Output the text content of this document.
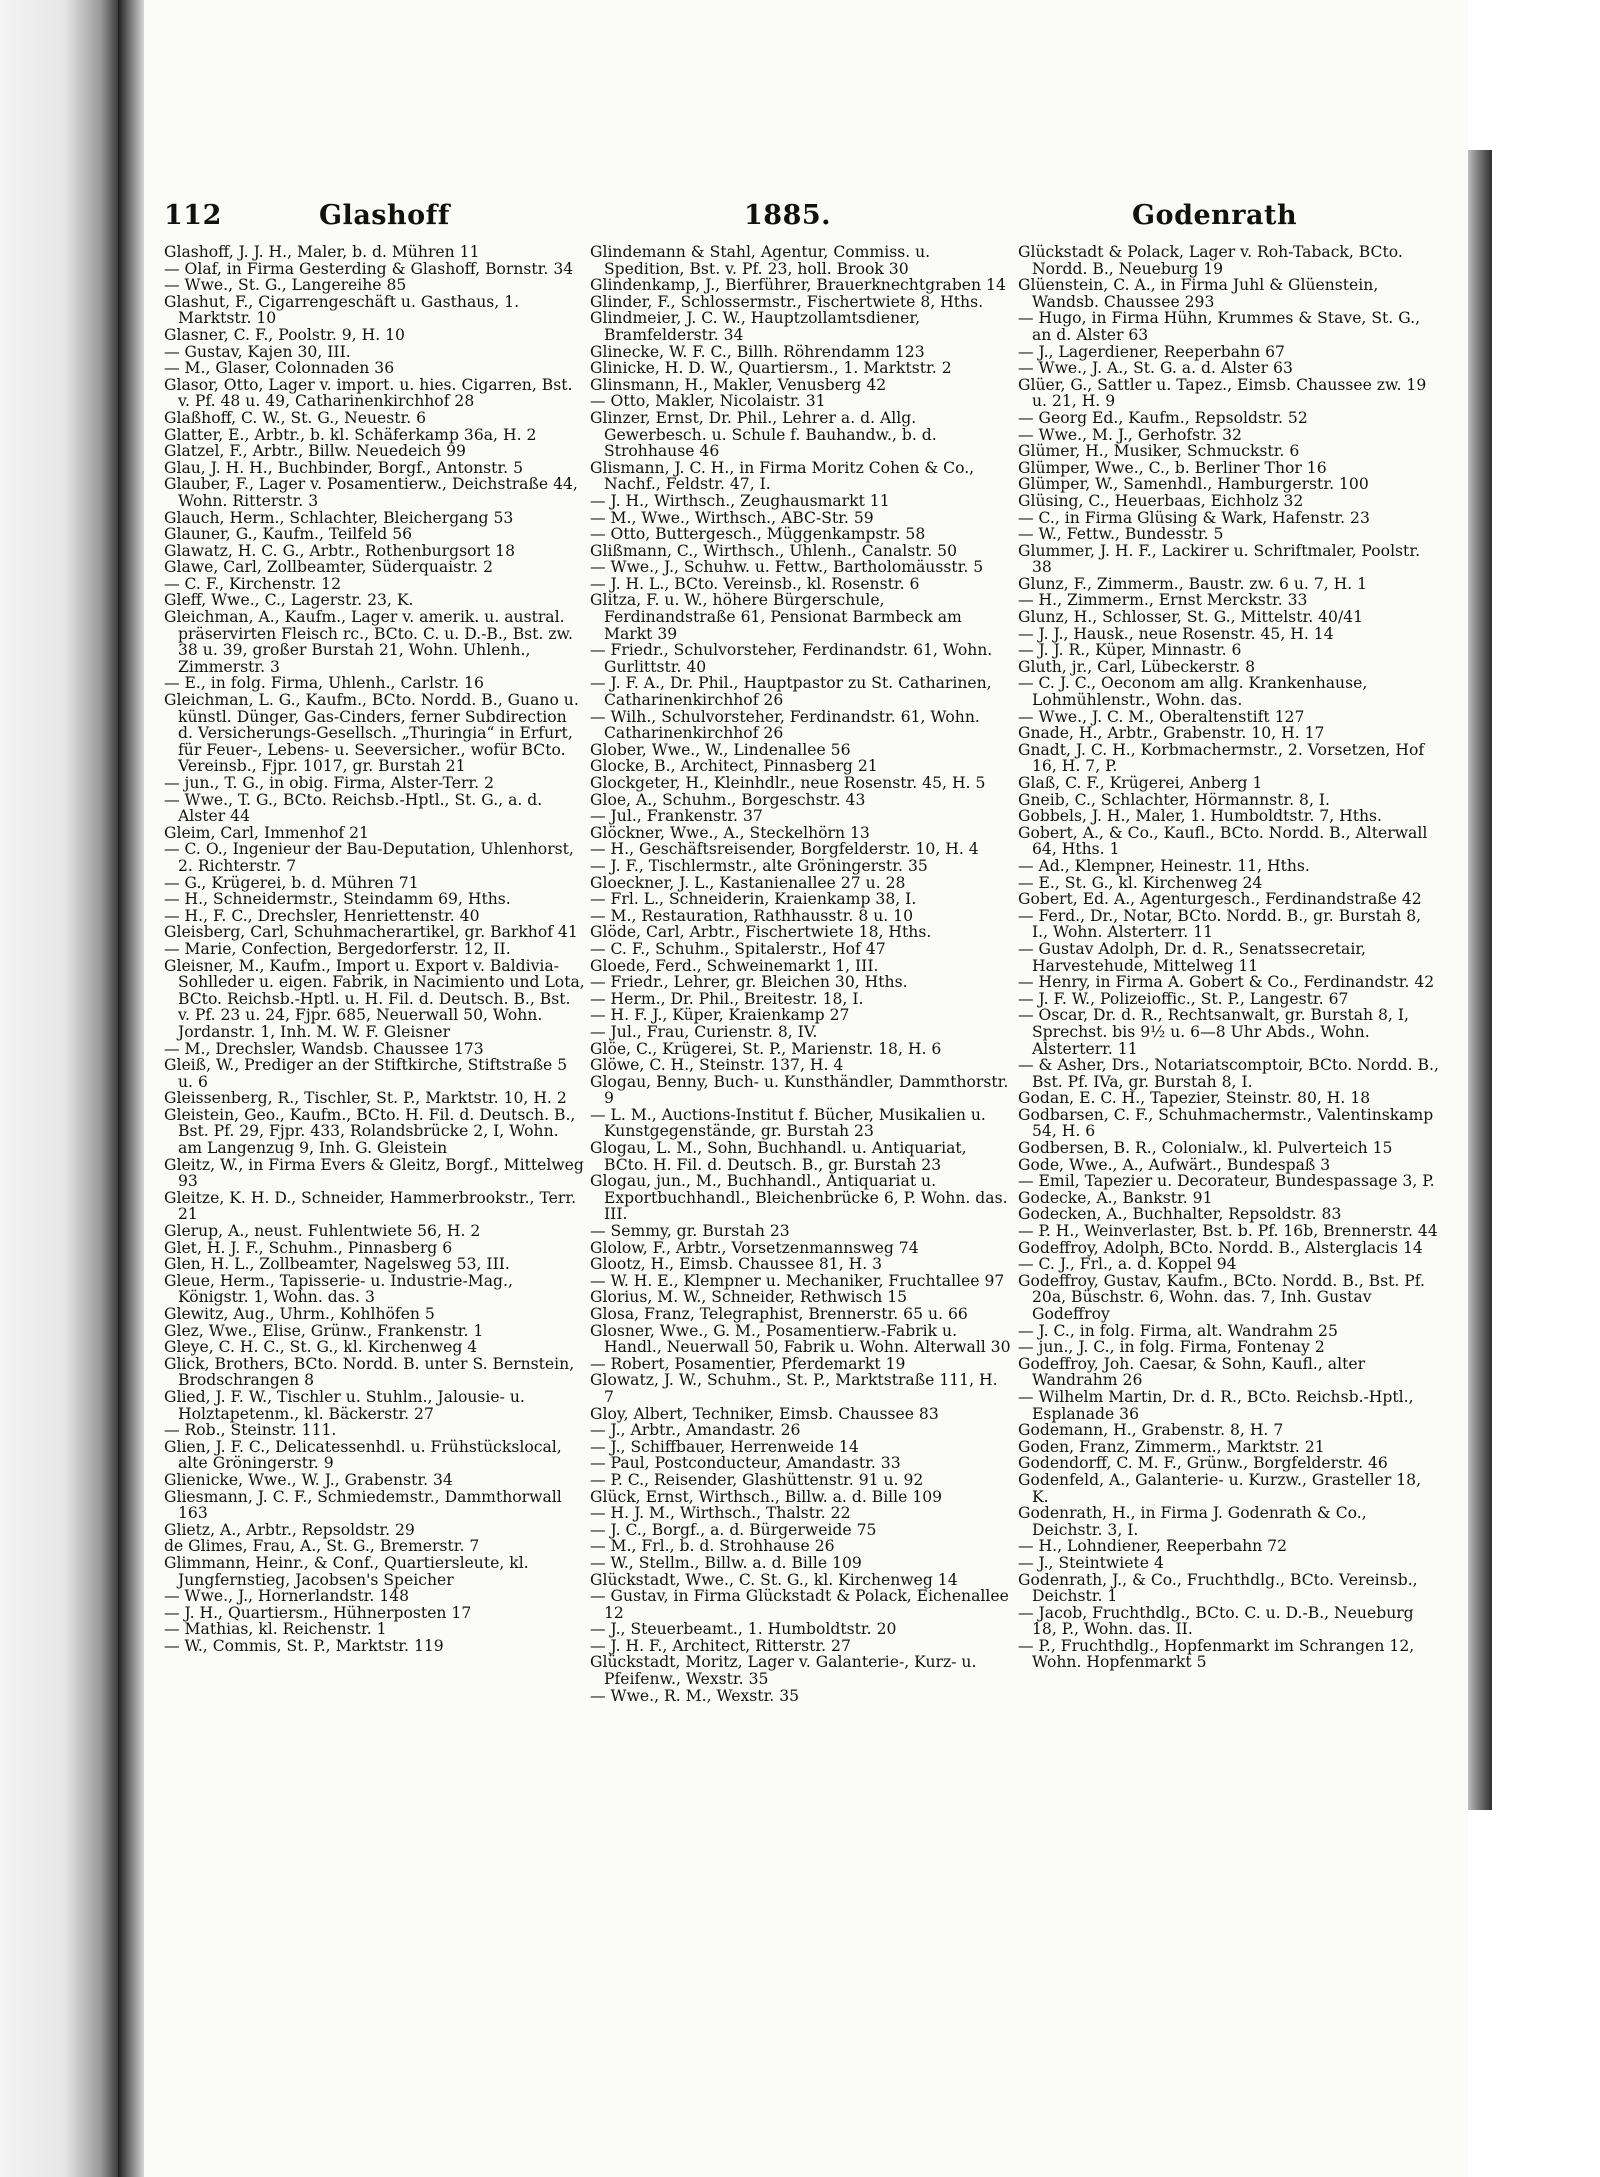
112	Glashoff	1885.	Godenrath

Glashoff, J. J. H., Maler, b. d. Mühren 11

— Olaf, in Firma Gesterding & Glashoff, Bornstr. 34

— Wwe., St. G., Langereihe 85

Glashut, F., Cigarrengeschäft u. Gasthaus, 1. Marktstr. 10

Glasner, C. F., Poolstr. 9, H. 10

— Gustav, Kajen 30, III.

— M., Glaser, Colonnaden 36

Glasor, Otto, Lager v. import. u. hies. Cigarren, Bst. v. Pf. 48 u. 49, Catharinenkirchhof 28

Glaßhoff, C. W., St. G., Neuestr. 6

Glatter, E., Arbtr., b. kl. Schäferkamp 36a, H. 2

Glatzel, F., Arbtr., Billw. Neuedeich 99

Glau, J. H. H., Buchbinder, Borgf., Antonstr. 5

Glauber, F., Lager v. Posamentierw., Deichstraße 44, Wohn. Ritterstr. 3

Glauch, Herm., Schlachter, Bleichergang 53

Glauner, G., Kaufm., Teilfeld 56

Glawatz, H. C. G., Arbtr., Rothenburgsort 18

Glawe, Carl, Zollbeamter, Süderquaistr. 2

— C. F., Kirchenstr. 12

Gleff, Wwe., C., Lagerstr. 23, K.

Gleichman, A., Kaufm., Lager v. amerik. u. austral. präservirten Fleisch rc., BCto. C. u. D.-B., Bst. zw. 38 u. 39, großer Burstah 21, Wohn. Uhlenh., Zimmerstr. 3

— E., in folg. Firma, Uhlenh., Carlstr. 16

Gleichman, L. G., Kaufm., BCto. Nordd. B., Guano u. künstl. Dünger, Gas-Cinders, ferner Subdirection d. Versicherungs-Gesellsch. „Thuringia“ in Erfurt, für Feuer-, Lebens- u. Seeversicher., wofür BCto. Vereinsb., Fjpr. 1017, gr. Burstah 21

— jun., T. G., in obig. Firma, Alster-Terr. 2

— Wwe., T. G., BCto. Reichsb.-Hptl., St. G., a. d. Alster 44

Gleim, Carl, Immenhof 21

— C. O., Ingenieur der Bau-Deputation, Uhlenhorst, 2. Richterstr. 7

— G., Krügerei, b. d. Mühren 71

— H., Schneidermstr., Steindamm 69, Hths.

— H., F. C., Drechsler, Henriettenstr. 40

Gleisberg, Carl, Schuhmacherartikel, gr. Barkhof 41

— Marie, Confection, Bergedorferstr. 12, II.

Gleisner, M., Kaufm., Import u. Export v. Baldivia-Sohlleder u. eigen. Fabrik, in Nacimiento und Lota, BCto. Reichsb.-Hptl. u. H. Fil. d. Deutsch. B., Bst. v. Pf. 23 u. 24, Fjpr. 685, Neuerwall 50, Wohn. Jordanstr. 1, Inh. M. W. F. Gleisner

— M., Drechsler, Wandsb. Chaussee 173

Gleiß, W., Prediger an der Stiftkirche, Stiftstraße 5 u. 6

Gleissenberg, R., Tischler, St. P., Marktstr. 10, H. 2

Gleistein, Geo., Kaufm., BCto. H. Fil. d. Deutsch. B., Bst. Pf. 29, Fjpr. 433, Rolandsbrücke 2, I, Wohn. am Langenzug 9, Inh. G. Gleistein

Gleitz, W., in Firma Evers & Gleitz, Borgf., Mittelweg 93

Gleitze, K. H. D., Schneider, Hammerbrookstr., Terr. 21

Glerup, A., neust. Fuhlentwiete 56, H. 2

Glet, H. J. F., Schuhm., Pinnasberg 6

Glen, H. L., Zollbeamter, Nagelsweg 53, III.

Gleue, Herm., Tapisserie- u. Industrie-Mag., Königstr. 1, Wohn. das. 3

Glewitz, Aug., Uhrm., Kohlhöfen 5

Glez, Wwe., Elise, Grünw., Frankenstr. 1

Gleye, C. H. C., St. G., kl. Kirchenweg 4

Glick, Brothers, BCto. Nordd. B. unter S. Bernstein, Brodschrangen 8

Glied, J. F. W., Tischler u. Stuhlm., Jalousie- u. Holztapetenm., kl. Bäckerstr. 27

— Rob., Steinstr. 111.

Glien, J. F. C., Delicatessenhdl. u. Frühstückslocal, alte Gröningerstr. 9

Glienicke, Wwe., W. J., Grabenstr. 34

Gliesmann, J. C. F., Schmiedemstr., Dammthorwall 163

Glietz, A., Arbtr., Repsoldstr. 29

de Glimes, Frau, A., St. G., Bremerstr. 7

Glimmann, Heinr., & Conf., Quartiersleute, kl. Jungfernstieg, Jacobsen's Speicher

— Wwe., J., Hornerlandstr. 148

— J. H., Quartiersm., Hühnerposten 17

— Mathias, kl. Reichenstr. 1

— W., Commis, St. P., Marktstr. 119

Glindemann & Stahl, Agentur, Commiss. u. Spedition, Bst. v. Pf. 23, holl. Brook 30

Glindenkamp, J., Bierführer, Brauerknechtgraben 14

Glinder, F., Schlossermstr., Fischertwiete 8, Hths.

Glindmeier, J. C. W., Hauptzollamtsdiener, Bramfelderstr. 34

Glinecke, W. F. C., Billh. Röhrendamm 123

Glinicke, H. D. W., Quartiersm., 1. Marktstr. 2

Glinsmann, H., Makler, Venusberg 42

— Otto, Makler, Nicolaistr. 31

Glinzer, Ernst, Dr. Phil., Lehrer a. d. Allg. Gewerbesch. u. Schule f. Bauhandw., b. d. Strohhause 46

Glismann, J. C. H., in Firma Moritz Cohen & Co., Nachf., Feldstr. 47, I.

— J. H., Wirthsch., Zeughausmarkt 11

— M., Wwe., Wirthsch., ABC-Str. 59

— Otto, Buttergesch., Müggenkampstr. 58

Glißmann, C., Wirthsch., Uhlenh., Canalstr. 50

— Wwe., J., Schuhw. u. Fettw., Bartholomäusstr. 5

— J. H. L., BCto. Vereinsb., kl. Rosenstr. 6

Glitza, F. u. W., höhere Bürgerschule, Ferdinandstraße 61, Pensionat Barmbeck am Markt 39

— Friedr., Schulvorsteher, Ferdinandstr. 61, Wohn. Gurlittstr. 40

— J. F. A., Dr. Phil., Hauptpastor zu St. Catharinen, Catharinenkirchhof 26

— Wilh., Schulvorsteher, Ferdinandstr. 61, Wohn. Catharinenkirchhof 26

Glober, Wwe., W., Lindenallee 56

Glocke, B., Architect, Pinnasberg 21

Glockgeter, H., Kleinhdlr., neue Rosenstr. 45, H. 5

Gloe, A., Schuhm., Borgeschstr. 43

— Jul., Frankenstr. 37

Glöckner, Wwe., A., Steckelhörn 13

— H., Geschäftsreisender, Borgfelderstr. 10, H. 4

— J. F., Tischlermstr., alte Gröningerstr. 35

Gloeckner, J. L., Kastanienallee 27 u. 28

— Frl. L., Schneiderin, Kraienkamp 38, I.

— M., Restauration, Rathhausstr. 8 u. 10

Glöde, Carl, Arbtr., Fischertwiete 18, Hths.

— C. F., Schuhm., Spitalerstr., Hof 47

Gloede, Ferd., Schweinemarkt 1, III.

— Friedr., Lehrer, gr. Bleichen 30, Hths.

— Herm., Dr. Phil., Breitestr. 18, I.

— H. F. J., Küper, Kraienkamp 27

— Jul., Frau, Curienstr. 8, IV.

Glöe, C., Krügerei, St. P., Marienstr. 18, H. 6

Glöwe, C. H., Steinstr. 137, H. 4

Glogau, Benny, Buch- u. Kunsthändler, Dammthorstr. 9

— L. M., Auctions-Institut f. Bücher, Musikalien u. Kunstgegenstände, gr. Burstah 23

Glogau, L. M., Sohn, Buchhandl. u. Antiquariat, BCto. H. Fil. d. Deutsch. B., gr. Burstah 23

Glogau, jun., M., Buchhandl., Antiquariat u. Exportbuchhandl., Bleichenbrücke 6, P. Wohn. das. III.

— Semmy, gr. Burstah 23

Glolow, F., Arbtr., Vorsetzenmannsweg 74

Glootz, H., Eimsb. Chaussee 81, H. 3

— W. H. E., Klempner u. Mechaniker, Fruchtallee 97

Glorius, M. W., Schneider, Rethwisch 15

Glosa, Franz, Telegraphist, Brennerstr. 65 u. 66

Glosner, Wwe., G. M., Posamentierw.-Fabrik u. Handl., Neuerwall 50, Fabrik u. Wohn. Alterwall 30

— Robert, Posamentier, Pferdemarkt 19

Glowatz, J. W., Schuhm., St. P., Marktstraße 111, H. 7

Gloy, Albert, Techniker, Eimsb. Chaussee 83

— J., Arbtr., Amandastr. 26

— J., Schiffbauer, Herrenweide 14

— Paul, Postconducteur, Amandastr. 33

— P. C., Reisender, Glashüttenstr. 91 u. 92

Glück, Ernst, Wirthsch., Billw. a. d. Bille 109

— H. J. M., Wirthsch., Thalstr. 22

— J. C., Borgf., a. d. Bürgerweide 75

— M., Frl., b. d. Strohhause 26

— W., Stellm., Billw. a. d. Bille 109

Glückstadt, Wwe., C. St. G., kl. Kirchenweg 14

— Gustav, in Firma Glückstadt & Polack, Eichenallee 12

— J., Steuerbeamt., 1. Humboldtstr. 20

— J. H. F., Architect, Ritterstr. 27

Glückstadt, Moritz, Lager v. Galanterie-, Kurz- u. Pfeifenw., Wexstr. 35

— Wwe., R. M., Wexstr. 35

Glückstadt & Polack, Lager v. Roh-Taback, BCto. Nordd. B., Neueburg 19

Glüenstein, C. A., in Firma Juhl & Glüenstein, Wandsb. Chaussee 293

— Hugo, in Firma Hühn, Krummes & Stave, St. G., an d. Alster 63

— J., Lagerdiener, Reeperbahn 67

— Wwe., J. A., St. G. a. d. Alster 63

Glüer, G., Sattler u. Tapez., Eimsb. Chaussee zw. 19 u. 21, H. 9

— Georg Ed., Kaufm., Repsoldstr. 52

— Wwe., M. J., Gerhofstr. 32

Glümer, H., Musiker, Schmuckstr. 6

Glümper, Wwe., C., b. Berliner Thor 16

Glümper, W., Samenhdl., Hamburgerstr. 100

Glüsing, C., Heuerbaas, Eichholz 32

— C., in Firma Glüsing & Wark, Hafenstr. 23

— W., Fettw., Bundesstr. 5

Glummer, J. H. F., Lackirer u. Schriftmaler, Poolstr. 38

Glunz, F., Zimmerm., Baustr. zw. 6 u. 7, H. 1

— H., Zimmerm., Ernst Merckstr. 33

Glunz, H., Schlosser, St. G., Mittelstr. 40/41

— J. J., Hausk., neue Rosenstr. 45, H. 14

— J. J. R., Küper, Minnastr. 6

Gluth, jr., Carl, Lübeckerstr. 8

— C. J. C., Oeconom am allg. Krankenhause, Lohmühlenstr., Wohn. das.

— Wwe., J. C. M., Oberaltenstift 127

Gnade, H., Arbtr., Grabenstr. 10, H. 17

Gnadt, J. C. H., Korbmachermstr., 2. Vorsetzen, Hof 16, H. 7, P.

Glaß, C. F., Krügerei, Anberg 1

Gneib, C., Schlachter, Hörmannstr. 8, I.

Gobbels, J. H., Maler, 1. Humboldtstr. 7, Hths.

Gobert, A., & Co., Kaufl., BCto. Nordd. B., Alterwall 64, Hths. 1

— Ad., Klempner, Heinestr. 11, Hths.

— E., St. G., kl. Kirchenweg 24

Gobert, Ed. A., Agenturgesch., Ferdinandstraße 42

— Ferd., Dr., Notar, BCto. Nordd. B., gr. Burstah 8, I., Wohn. Alsterterr. 11

— Gustav Adolph, Dr. d. R., Senatssecretair, Harvestehude, Mittelweg 11

— Henry, in Firma A. Gobert & Co., Ferdinandstr. 42

— J. F. W., Polizeioffic., St. P., Langestr. 67

— Oscar, Dr. d. R., Rechtsanwalt, gr. Burstah 8, I, Sprechst. bis 9½ u. 6—8 Uhr Abds., Wohn. Alsterterr. 11

— & Asher, Drs., Notariatscomptoir, BCto. Nordd. B., Bst. Pf. IVa, gr. Burstah 8, I.

Godan, E. C. H., Tapezier, Steinstr. 80, H. 18

Godbarsen, C. F., Schuhmachermstr., Valentinskamp 54, H. 6

Godbersen, B. R., Colonialw., kl. Pulverteich 15

Gode, Wwe., A., Aufwärt., Bundespaß 3

— Emil, Tapezier u. Decorateur, Bundespassage 3, P.

Godecke, A., Bankstr. 91

Godecken, A., Buchhalter, Repsoldstr. 83

— P. H., Weinverlaster, Bst. b. Pf. 16b, Brennerstr. 44

Godeffroy, Adolph, BCto. Nordd. B., Alsterglacis 14

— C. J., Frl., a. d. Koppel 94

Godeffroy, Gustav, Kaufm., BCto. Nordd. B., Bst. Pf. 20a, Büschstr. 6, Wohn. das. 7, Inh. Gustav Godeffroy

— J. C., in folg. Firma, alt. Wandrahm 25

— jun., J. C., in folg. Firma, Fontenay 2

Godeffroy, Joh. Caesar, & Sohn, Kaufl., alter Wandrahm 26

— Wilhelm Martin, Dr. d. R., BCto. Reichsb.-Hptl., Esplanade 36

Godemann, H., Grabenstr. 8, H. 7

Goden, Franz, Zimmerm., Marktstr. 21

Godendorff, C. M. F., Grünw., Borgfelderstr. 46

Godenfeld, A., Galanterie- u. Kurzw., Grasteller 18, K.

Godenrath, H., in Firma J. Godenrath & Co., Deichstr. 3, I.

— H., Lohndiener, Reeperbahn 72

— J., Steintwiete 4

Godenrath, J., & Co., Fruchthdlg., BCto. Vereinsb., Deichstr. 1

— Jacob, Fruchthdlg., BCto. C. u. D.-B., Neueburg 18, P., Wohn. das. II.

— P., Fruchthdlg., Hopfenmarkt im Schrangen 12, Wohn. Hopfenmarkt 5
